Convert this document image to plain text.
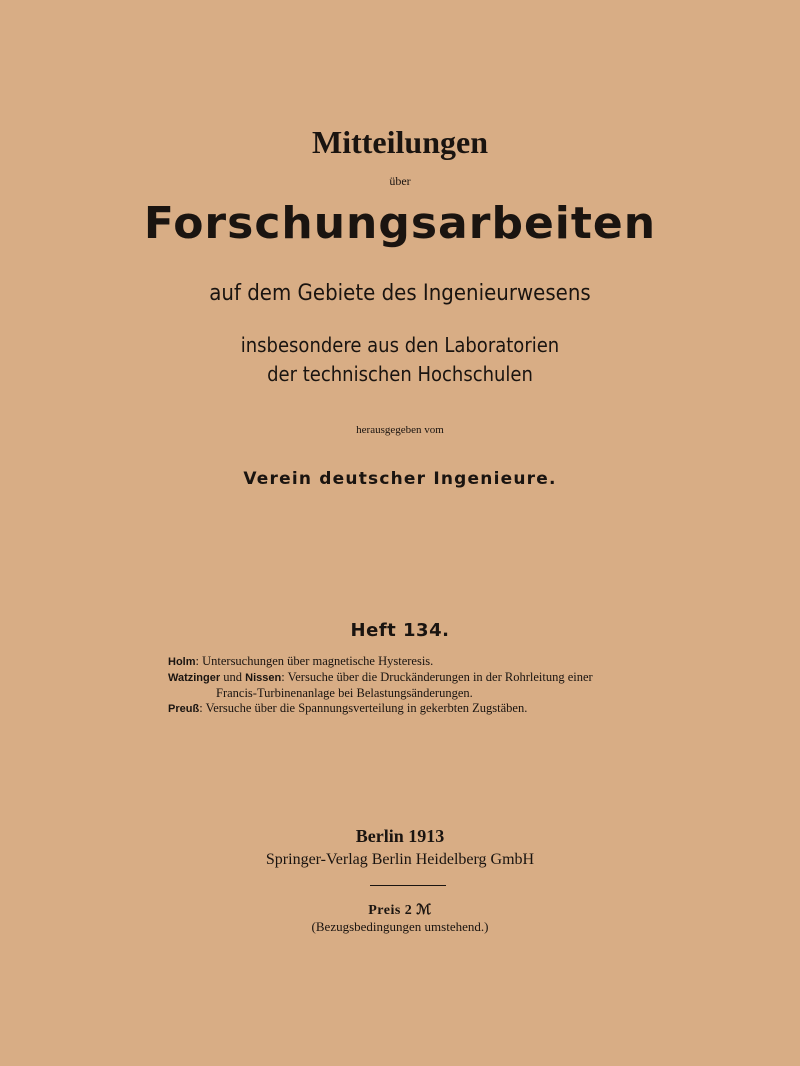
Mitteilungen
über
Forschungsarbeiten
auf dem Gebiete des Ingenieurwesens
insbesondere aus den Laboratorien
der technischen Hochschulen
herausgegeben vom
Verein deutscher Ingenieure.
Heft 134.
Holm: Untersuchungen über magnetische Hysteresis.
Watzinger und Nissen: Versuche über die Druckänderungen in der Rohrleitung einer
Francis-Turbinenanlage bei Belastungsänderungen.
Preuß: Versuche über die Spannungsverteilung in gekerbten Zugstäben.
Berlin 1913
Springer-Verlag Berlin Heidelberg GmbH
Preis 2 ℳ
(Bezugsbedingungen umstehend.)
